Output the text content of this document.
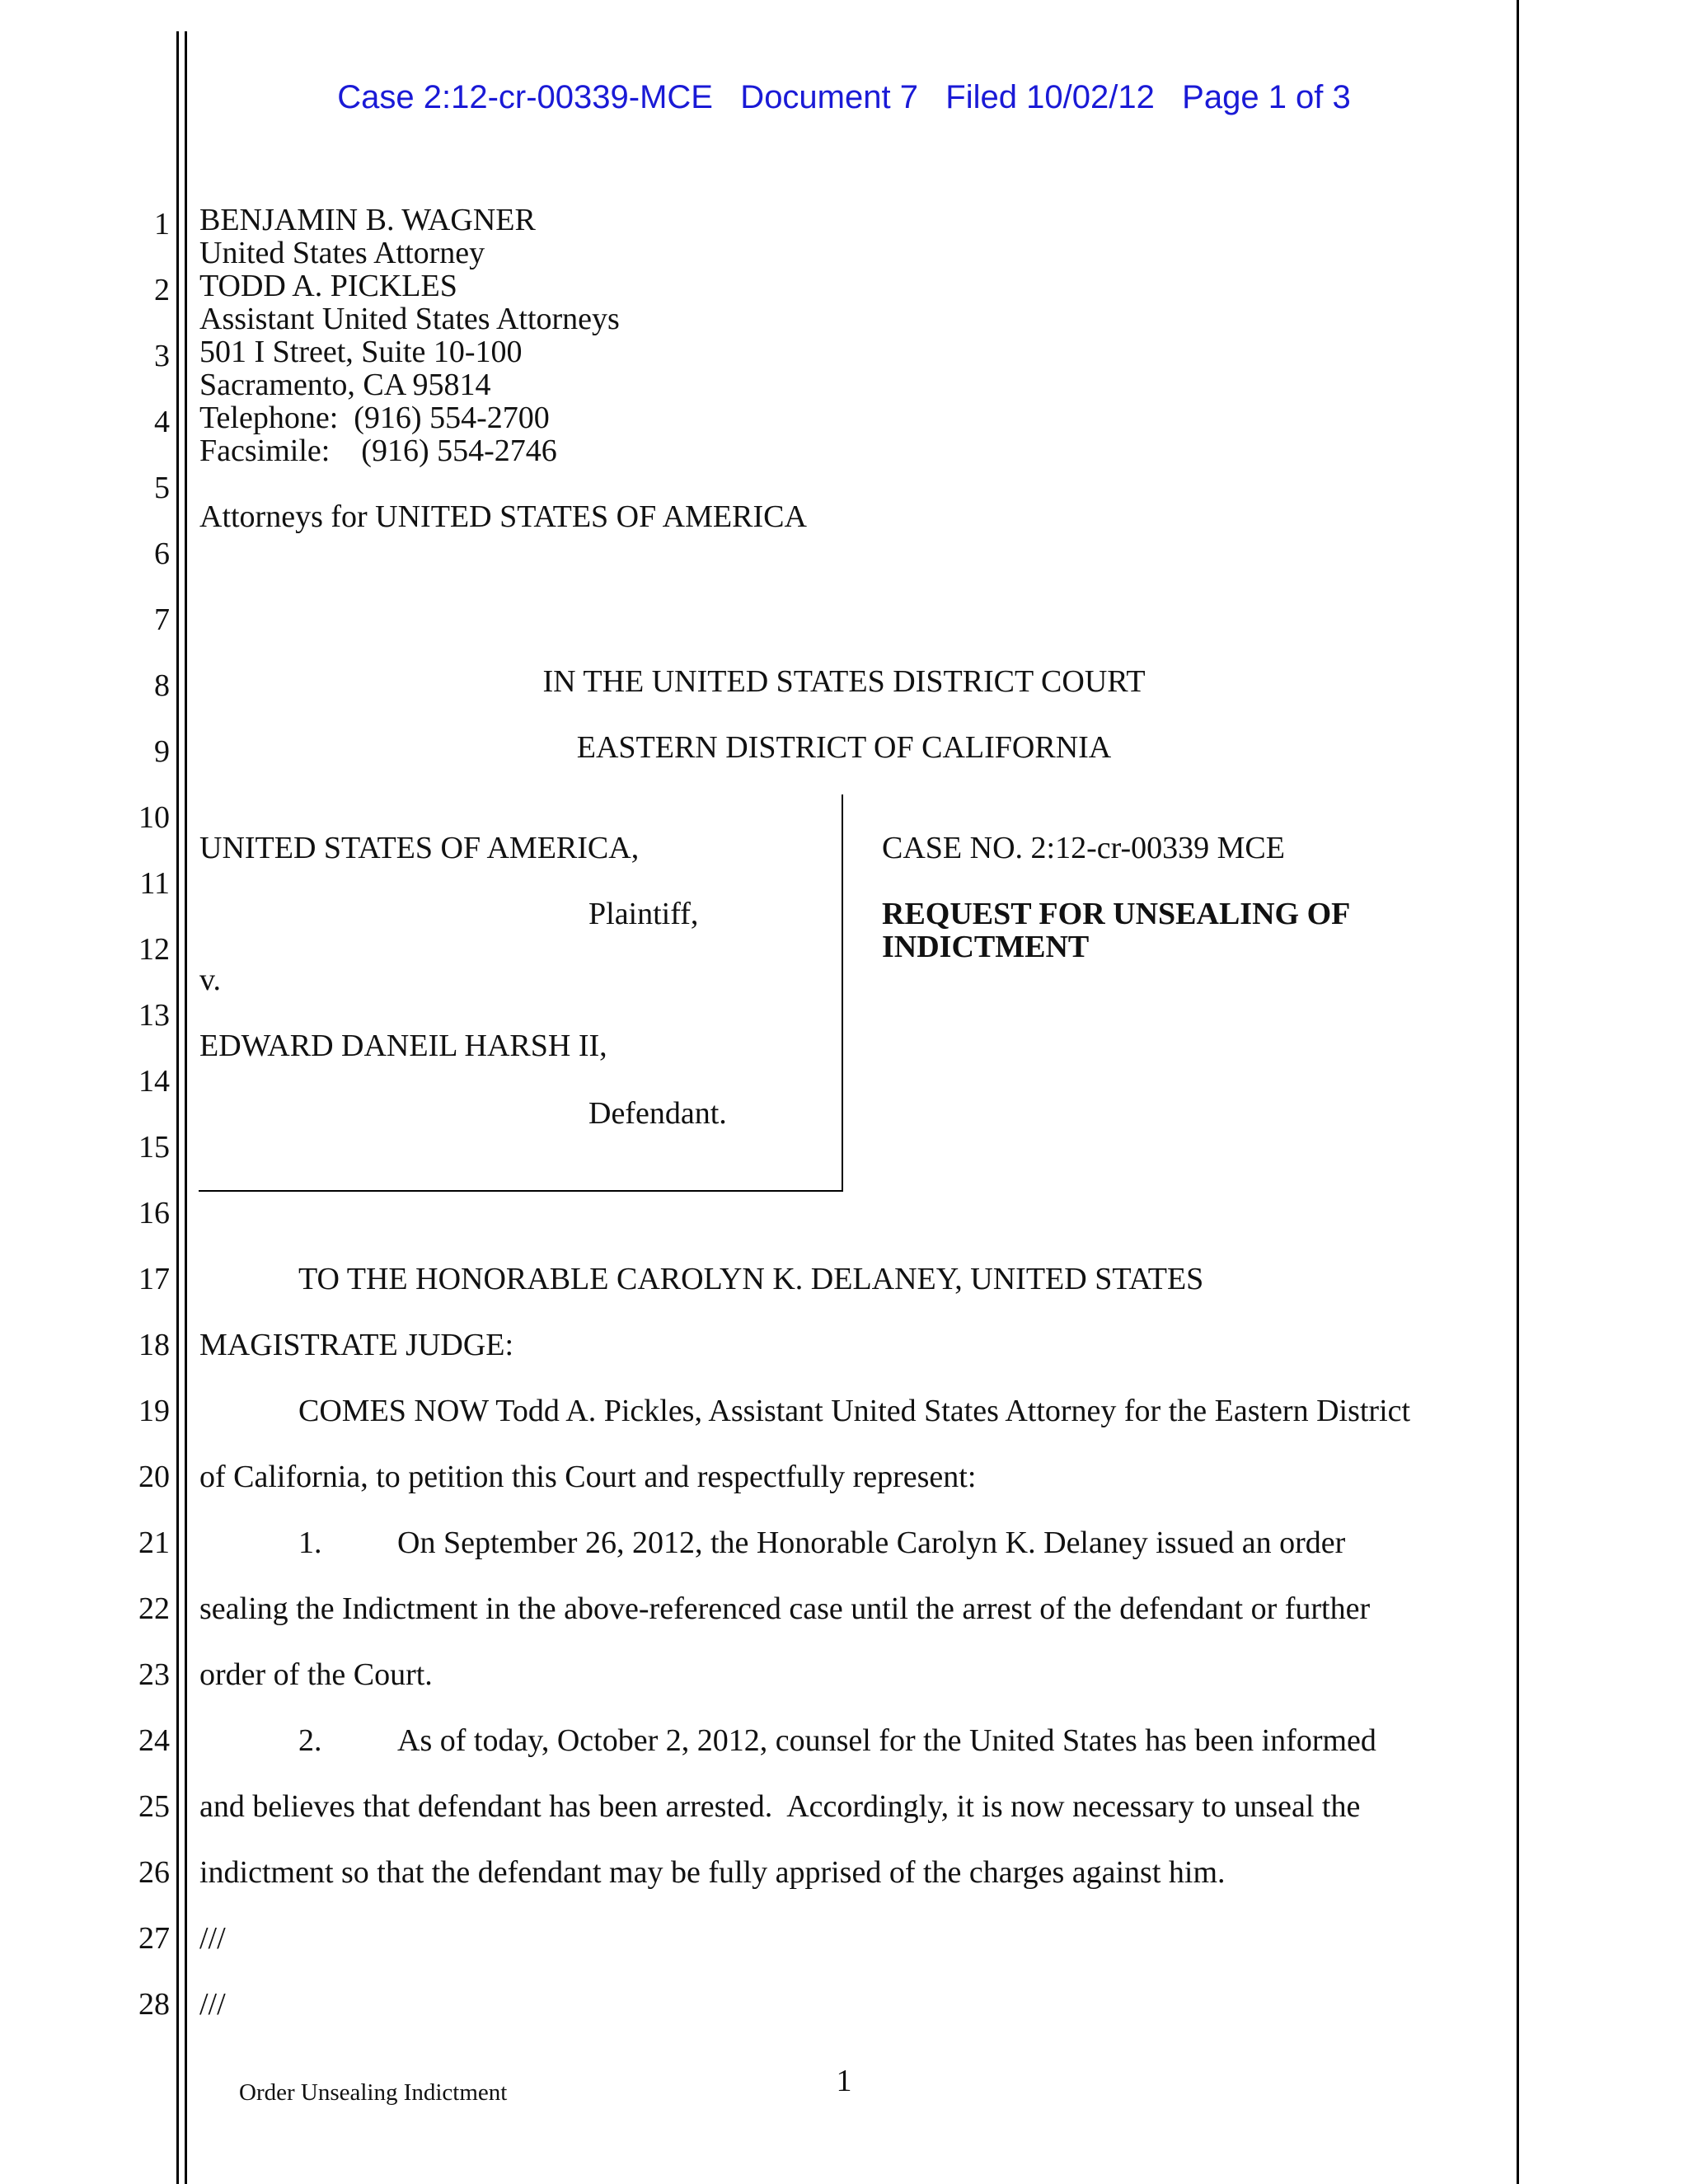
Case 2:12-cr-00339-MCE   Document 7   Filed 10/02/12   Page 1 of 3
1
2
3
4
5
6
7
8
9
10
11
12
13
14
15
16
17
18
19
20
21
22
23
24
25
26
27
28
BENJAMIN B. WAGNER
United States Attorney
TODD A. PICKLES
Assistant United States Attorneys
501 I Street, Suite 10-100
Sacramento, CA 95814
Telephone:  (916) 554-2700
Facsimile:    (916) 554-2746
Attorneys for UNITED STATES OF AMERICA
IN THE UNITED STATES DISTRICT COURT
EASTERN DISTRICT OF CALIFORNIA
UNITED STATES OF AMERICA,
Plaintiff,
v.
EDWARD DANEIL HARSH II,
Defendant.
CASE NO. 2:12-cr-00339 MCE
REQUEST FOR UNSEALING OF
INDICTMENT
TO THE HONORABLE CAROLYN K. DELANEY, UNITED STATES
MAGISTRATE JUDGE:
COMES NOW Todd A. Pickles, Assistant United States Attorney for the Eastern District
of California, to petition this Court and respectfully represent:
1. On September 26, 2012, the Honorable Carolyn K. Delaney issued an order
sealing the Indictment in the above-referenced case until the arrest of the defendant or further
order of the Court.
2. As of today, October 2, 2012, counsel for the United States has been informed
and believes that defendant has been arrested.  Accordingly, it is now necessary to unseal the
indictment so that the defendant may be fully apprised of the charges against him.
///
///
1
Order Unsealing Indictment
